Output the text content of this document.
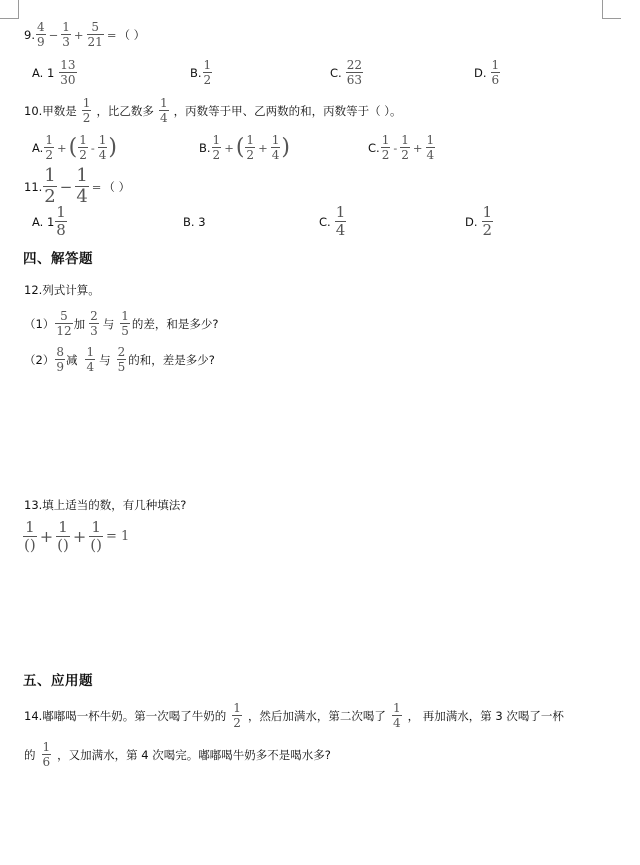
9. $\frac{4}{9} - \frac{1}{3} + \frac{5}{21}$ = （ ）
A. $1 \frac{13}{30}$	B. $\frac{1}{2}$	C. $\frac{22}{63}$	D. $\frac{1}{6}$
10.甲数是 $\frac{1}{2}$ ，比乙数多 $\frac{1}{4}$ ，丙数等于甲、乙两数的和，丙数等于（ ）。
A. $\frac{1}{2}$ + ( $\frac{1}{2} - \frac{1}{4}$ )	B. $\frac{1}{2}$ + ( $\frac{1}{2} + \frac{1}{4}$ )	C. $\frac{1}{2} - \frac{1}{2} + \frac{1}{4}$
11. $\frac{1}{2} - \frac{1}{4}$ = （ ）
A. $1 \frac{1}{8}$	B. 3	C. $\frac{1}{4}$	D. $\frac{1}{2}$
四、解答题
12.列式计算。
$(1) \frac{5}{12}$ 加 $\frac{2}{3}$ 与 $\frac{1}{5}$ 的差，和是多少?
$(2) \frac{8}{9}$ 减 $\frac{1}{4}$ 与 $\frac{2}{5}$ 的和，差是多少?
13.填上适当的数，有几种填法?
$\frac{1}{()} + \frac{1}{()} + \frac{1}{()} = 1$
五、应用题
14.嘟嘟喝一杯牛奶。第一次喝了牛奶的 $\frac{1}{2}$ ，然后加满水，第二次喝了 $\frac{1}{4}$ ， 再加满水，第 3 次喝了一杯
的 $\frac{1}{6}$ ，又加满水，第 4 次喝完。嘟嘟喝牛奶多不是喝水多?
